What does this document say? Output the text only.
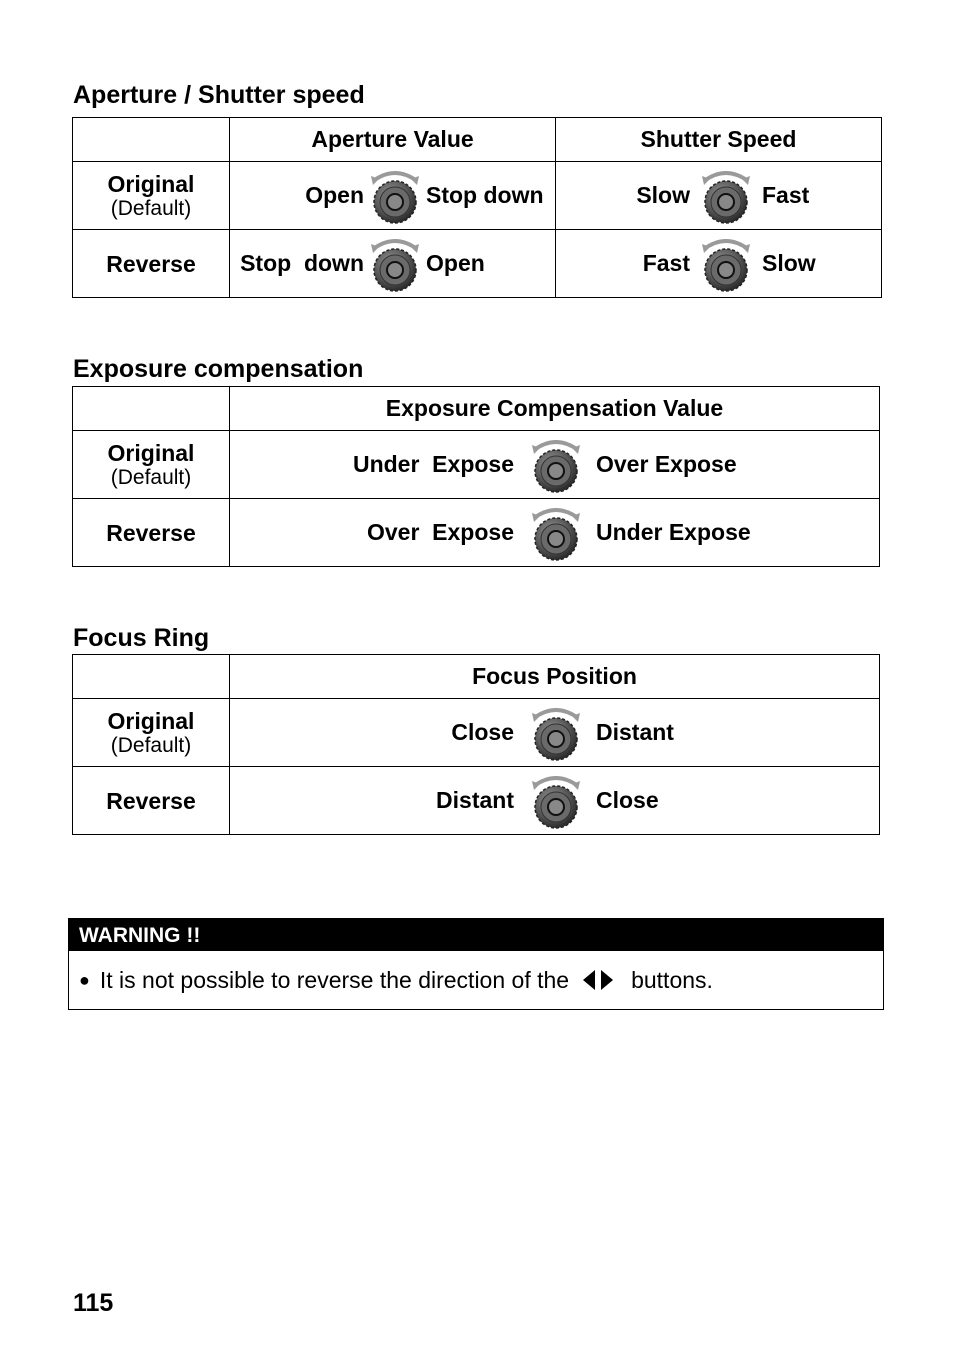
Aperture / Shutter speed
	Aperture Value	Shutter Speed

Original
(Default)	Open Stop down	Slow Fast

Reverse	Stop  down Open	Fast Slow
Exposure compensation
	Exposure Compensation Value

Original
(Default)	Under  Expose Over Expose

Reverse	Over  Expose Under Expose
Focus Ring
	Focus Position

Original
(Default)	Close Distant

Reverse	Distant Close
WARNING !!
● It is not possible to reverse the direction of the	buttons.
115
